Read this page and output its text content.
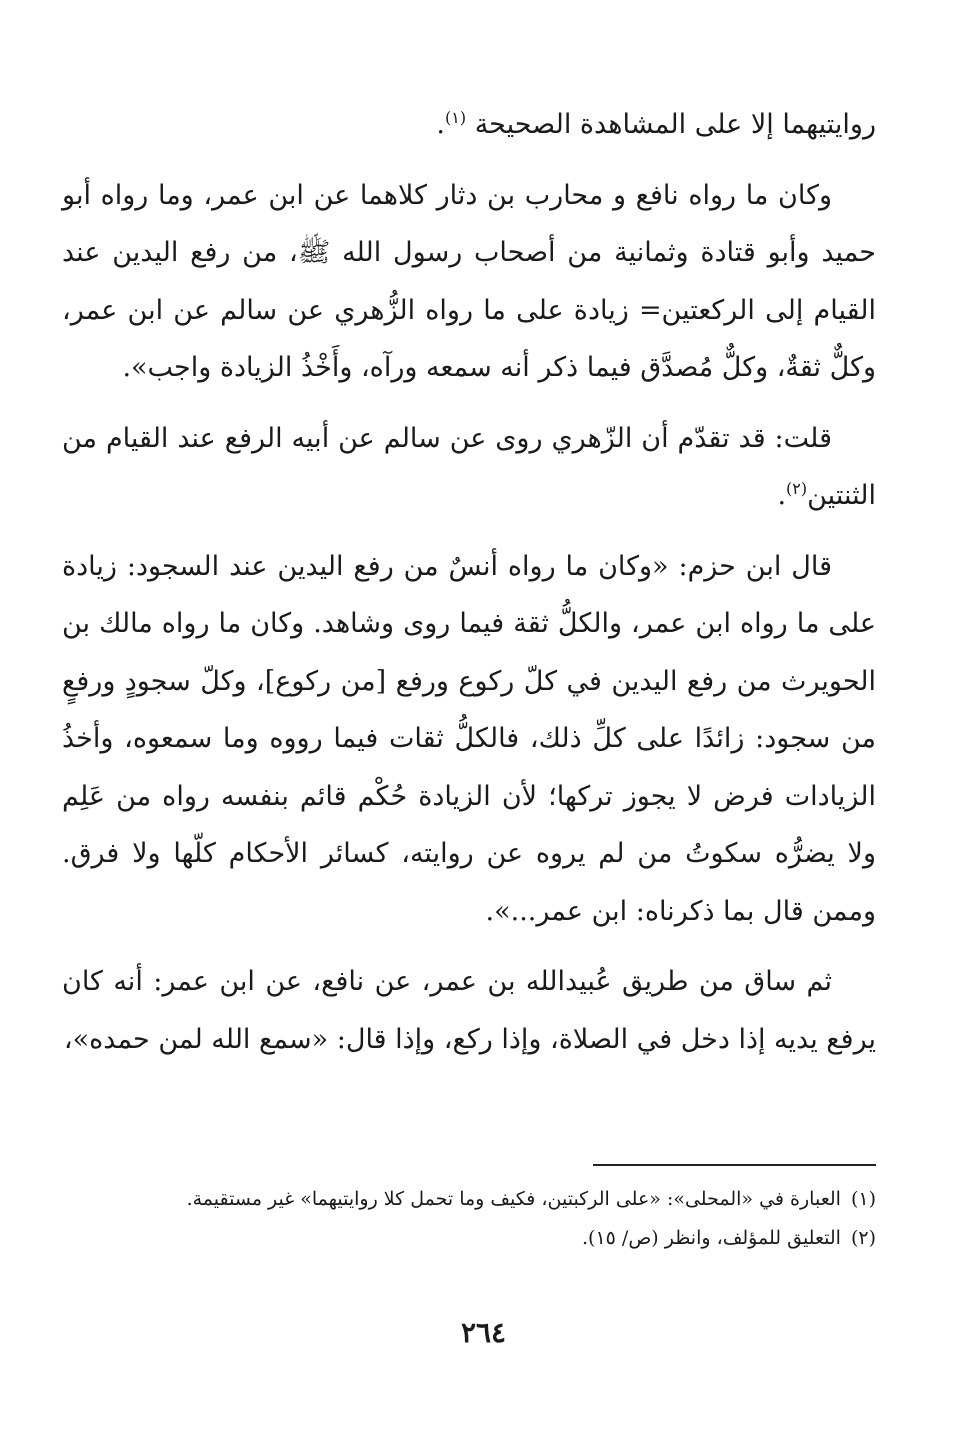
روايتيهما إلا على المشاهدة الصحيحة $^{(١)}$.

وكان ما رواه نافع و محارب بن دثار كلاهما عن ابن عمر، وما رواه أبو حميد وأبو قتادة وثمانية من أصحاب رسول الله ﷺ، من رفع اليدين عند القيام إلى الركعتين= زيادة على ما رواه الزُّهري عن سالم عن ابن عمر، وكلٌّ ثقةٌ، وكلٌّ مُصدَّق فيما ذكر أنه سمعه ورآه، وأَخْذُ الزيادة واجب».

قلت: قد تقدّم أن الزّهري روى عن سالم عن أبيه الرفع عند القيام من الثنتين$^{(٢)}$.

قال ابن حزم: «وكان ما رواه أنسٌ من رفع اليدين عند السجود: زيادة على ما رواه ابن عمر، والكلُّ ثقة فيما روى وشاهد. وكان ما رواه مالك بن الحويرث من رفع اليدين في كلّ ركوع ورفع [من ركوع]، وكلّ سجودٍ ورفعٍ من سجود: زائدًا على كلِّ ذلك، فالكلُّ ثقات فيما رووه وما سمعوه، وأخذُ الزيادات فرض لا يجوز تركها؛ لأن الزيادة حُكْم قائم بنفسه رواه من عَلِم ولا يضرُّه سكوتُ من لم يروه عن روايته، كسائر الأحكام كلّها ولا فرق. وممن قال بما ذكرناه: ابن عمر...».

ثم ساق من طريق عُبيدالله بن عمر، عن نافع، عن ابن عمر: أنه كان يرفع يديه إذا دخل في الصلاة، وإذا ركع، وإذا قال: «سمع الله لمن حمده»،

(١)العبارة في «المحلى»: «على الركبتين، فكيف وما تحمل كلا روايتيهما» غير مستقيمة.

(٢)التعليق للمؤلف، وانظر (ص/ ١٥).

٢٦٤
